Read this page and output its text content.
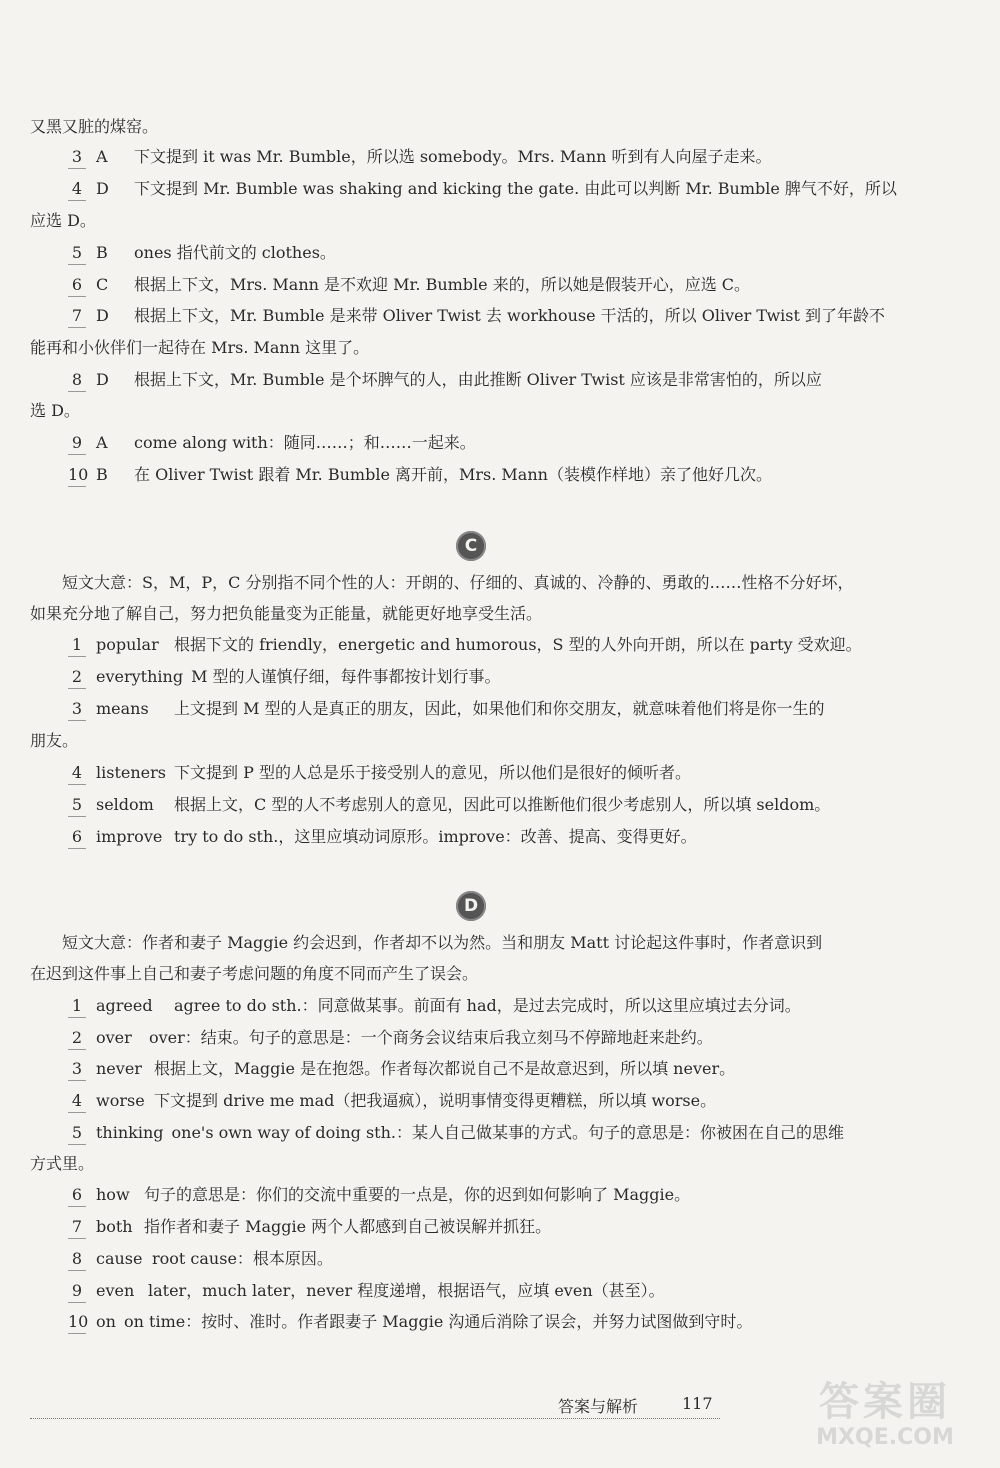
又黑又脏的煤窑。
3 A 下文提到 it was Mr. Bumble，所以选 somebody。Mrs. Mann 听到有人向屋子走来。
4 D 下文提到 Mr. Bumble was shaking and kicking the gate. 由此可以判断 Mr. Bumble 脾气不好，所以
应选 D。
5 B ones 指代前文的 clothes。
6 C 根据上下文，Mrs. Mann 是不欢迎 Mr. Bumble 来的，所以她是假装开心，应选 C。
7 D 根据上下文，Mr. Bumble 是来带 Oliver Twist 去 workhouse 干活的，所以 Oliver Twist 到了年龄不
能再和小伙伴们一起待在 Mrs. Mann 这里了。
8 D 根据上下文，Mr. Bumble 是个坏脾气的人，由此推断 Oliver Twist 应该是非常害怕的，所以应
选 D。
9 A come along with：随同……；和……一起来。
10 B 在 Oliver Twist 跟着 Mr. Bumble 离开前，Mrs. Mann（装模作样地）亲了他好几次。
C
短文大意：S，M，P，C 分别指不同个性的人：开朗的、仔细的、真诚的、冷静的、勇敢的……性格不分好坏，
如果充分地了解自己，努力把负能量变为正能量，就能更好地享受生活。
1 popular 根据下文的 friendly，energetic and humorous，S 型的人外向开朗，所以在 party 受欢迎。
2 everything M 型的人谨慎仔细，每件事都按计划行事。
3 means 上文提到 M 型的人是真正的朋友，因此，如果他们和你交朋友，就意味着他们将是你一生的
朋友。
4 listeners 下文提到 P 型的人总是乐于接受别人的意见，所以他们是很好的倾听者。
5 seldom 根据上文，C 型的人不考虑别人的意见，因此可以推断他们很少考虑别人，所以填 seldom。
6 improve try to do sth.，这里应填动词原形。improve：改善、提高、变得更好。
D
短文大意：作者和妻子 Maggie 约会迟到，作者却不以为然。当和朋友 Matt 讨论起这件事时，作者意识到
在迟到这件事上自己和妻子考虑问题的角度不同而产生了误会。
1 agreed agree to do sth.：同意做某事。前面有 had，是过去完成时，所以这里应填过去分词。
2 over over：结束。句子的意思是：一个商务会议结束后我立刻马不停蹄地赶来赴约。
3 never 根据上文，Maggie 是在抱怨。作者每次都说自己不是故意迟到，所以填 never。
4 worse 下文提到 drive me mad（把我逼疯），说明事情变得更糟糕，所以填 worse。
5 thinking one's own way of doing sth.：某人自己做某事的方式。句子的意思是：你被困在自己的思维
方式里。
6 how 句子的意思是：你们的交流中重要的一点是，你的迟到如何影响了 Maggie。
7 both 指作者和妻子 Maggie 两个人都感到自己被误解并抓狂。
8 cause root cause：根本原因。
9 even later，much later，never 程度递增，根据语气，应填 even（甚至）。
10 on on time：按时、准时。作者跟妻子 Maggie 沟通后消除了误会，并努力试图做到守时。
答案与解析	117	答案圈
MXQE.COM
